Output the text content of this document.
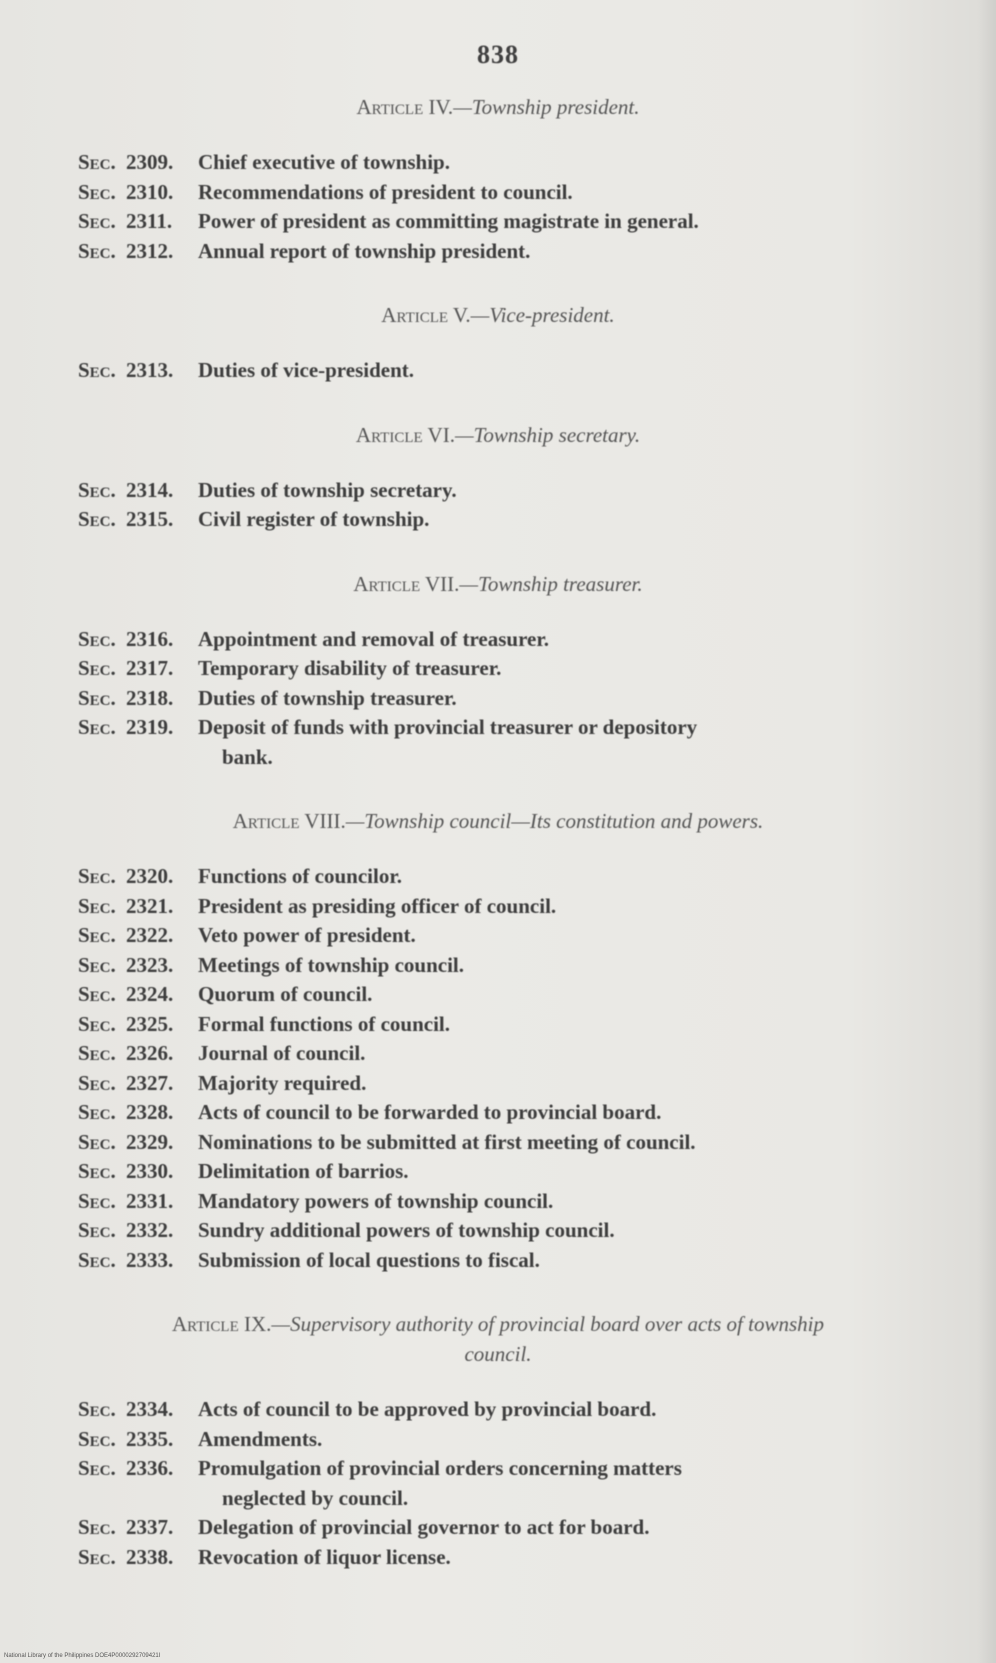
838
Article IV.—Township president.
Sec. 2309.	Chief executive of township.
Sec. 2310.	Recommendations of president to council.
Sec. 2311.	Power of president as committing magistrate in general.
Sec. 2312.	Annual report of township president.
Article V.—Vice-president.
Sec. 2313.	Duties of vice-president.
Article VI.—Township secretary.
Sec. 2314.	Duties of township secretary.
Sec. 2315.	Civil register of township.
Article VII.—Township treasurer.
Sec. 2316.	Appointment and removal of treasurer.
Sec. 2317.	Temporary disability of treasurer.
Sec. 2318.	Duties of township treasurer.
Sec. 2319.	Deposit of funds with provincial treasurer or depository
bank.
Article VIII.—Township council—Its constitution and powers.
Sec. 2320.	Functions of councilor.
Sec. 2321.	President as presiding officer of council.
Sec. 2322.	Veto power of president.
Sec. 2323.	Meetings of township council.
Sec. 2324.	Quorum of council.
Sec. 2325.	Formal functions of council.
Sec. 2326.	Journal of council.
Sec. 2327.	Majority required.
Sec. 2328.	Acts of council to be forwarded to provincial board.
Sec. 2329.	Nominations to be submitted at first meeting of council.
Sec. 2330.	Delimitation of barrios.
Sec. 2331.	Mandatory powers of township council.
Sec. 2332.	Sundry additional powers of township council.
Sec. 2333.	Submission of local questions to fiscal.
Article IX.—Supervisory authority of provincial board over acts of township council.
Sec. 2334.	Acts of council to be approved by provincial board.
Sec. 2335.	Amendments.
Sec. 2336.	Promulgation of provincial orders concerning matters
neglected by council.
Sec. 2337.	Delegation of provincial governor to act for board.
Sec. 2338.	Revocation of liquor license.
National Library of the Philippines DOE4P0000292709421I
